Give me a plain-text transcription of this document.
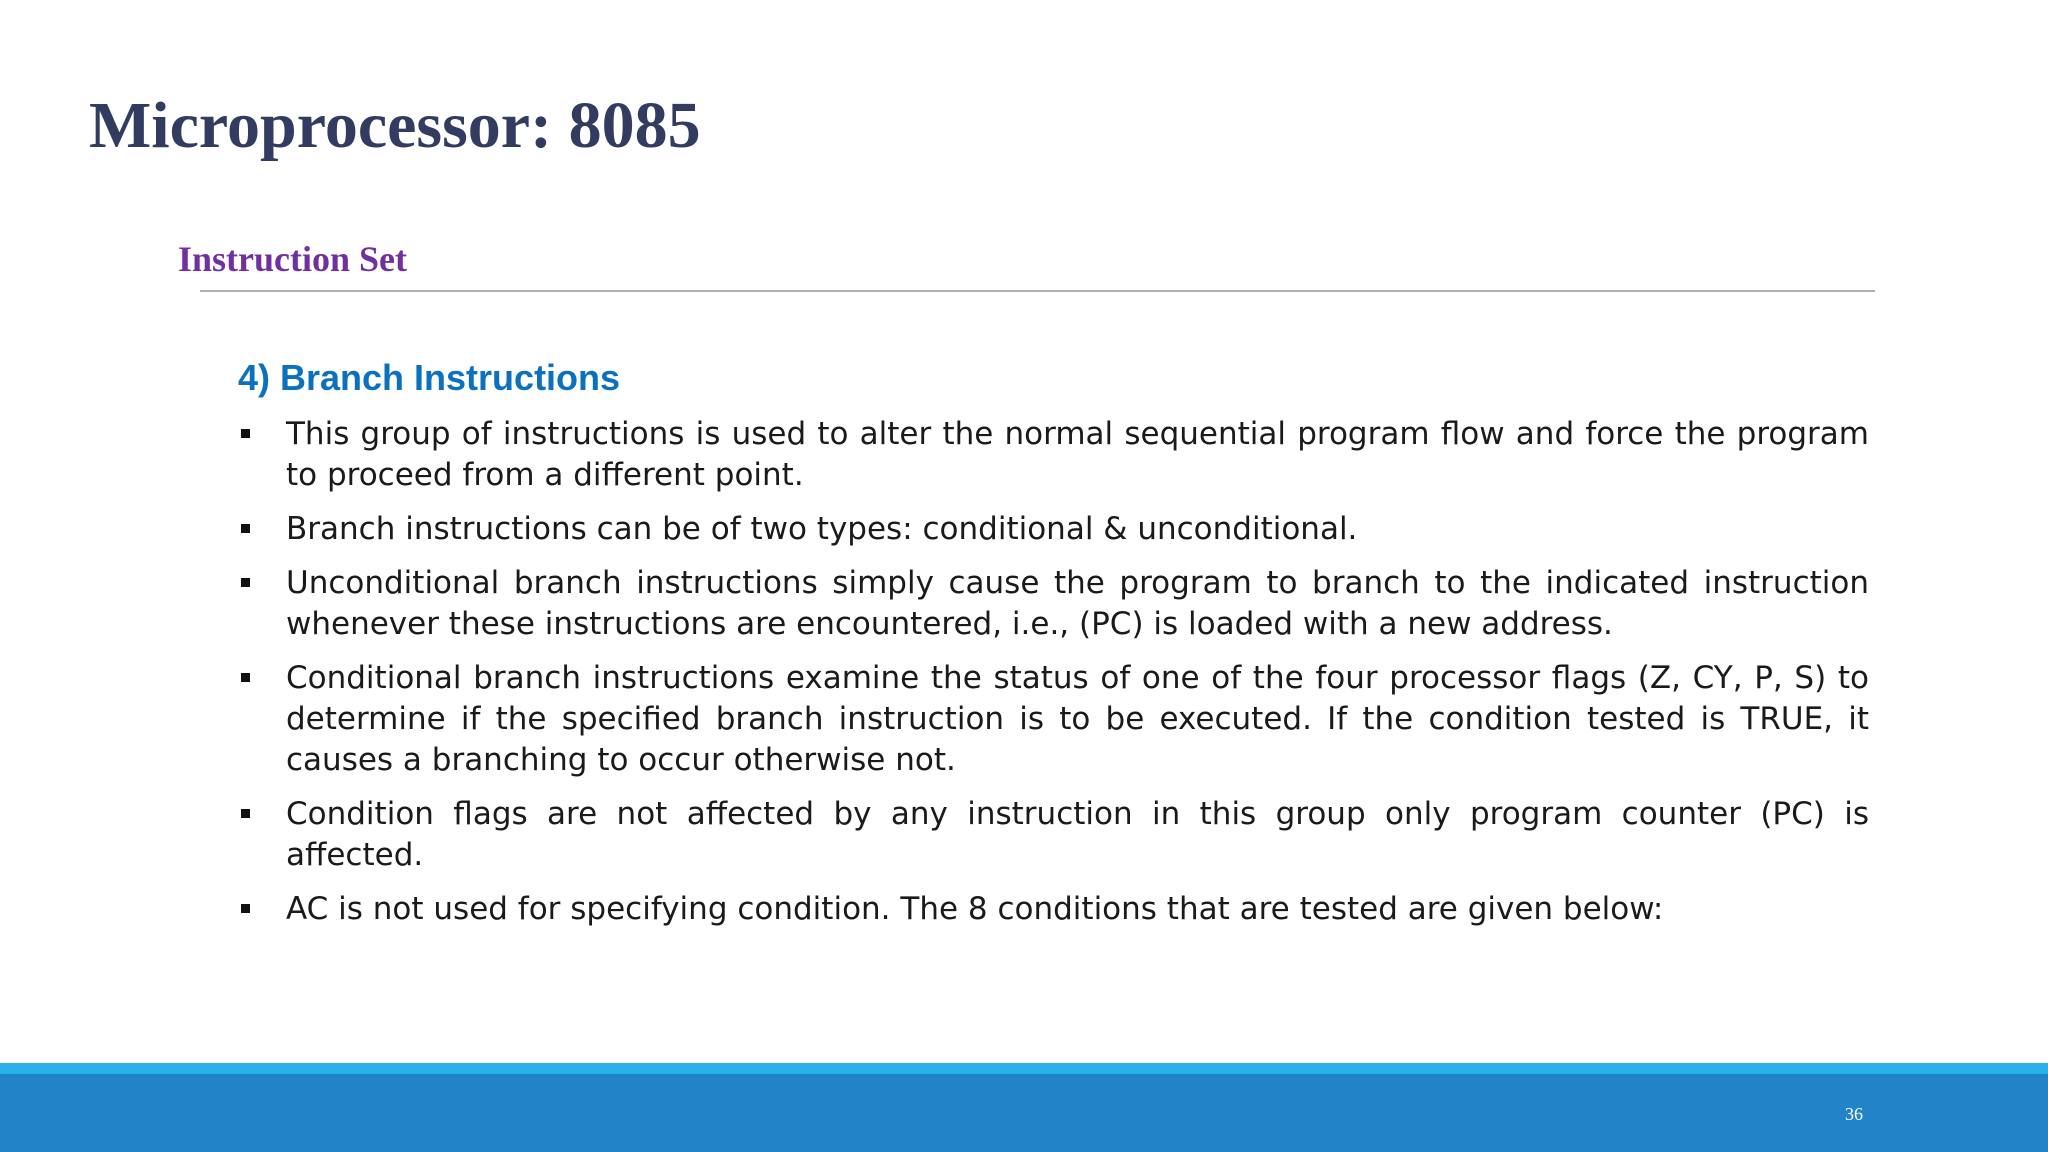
Microprocessor: 8085
Instruction Set
4) Branch Instructions
This group of instructions is used to alter the normal sequential program flow and force the program to proceed from a different point.
Branch instructions can be of two types: conditional & unconditional.
Unconditional branch instructions simply cause the program to branch to the indicated instruction whenever these instructions are encountered, i.e., (PC) is loaded with a new address.
Conditional branch instructions examine the status of one of the four processor flags (Z, CY, P, S) to determine if the specified branch instruction is to be executed. If the condition tested is TRUE, it causes a branching to occur otherwise not.
Condition flags are not affected by any instruction in this group only program counter (PC) is affected.
AC is not used for specifying condition. The 8 conditions that are tested are given below:
36
